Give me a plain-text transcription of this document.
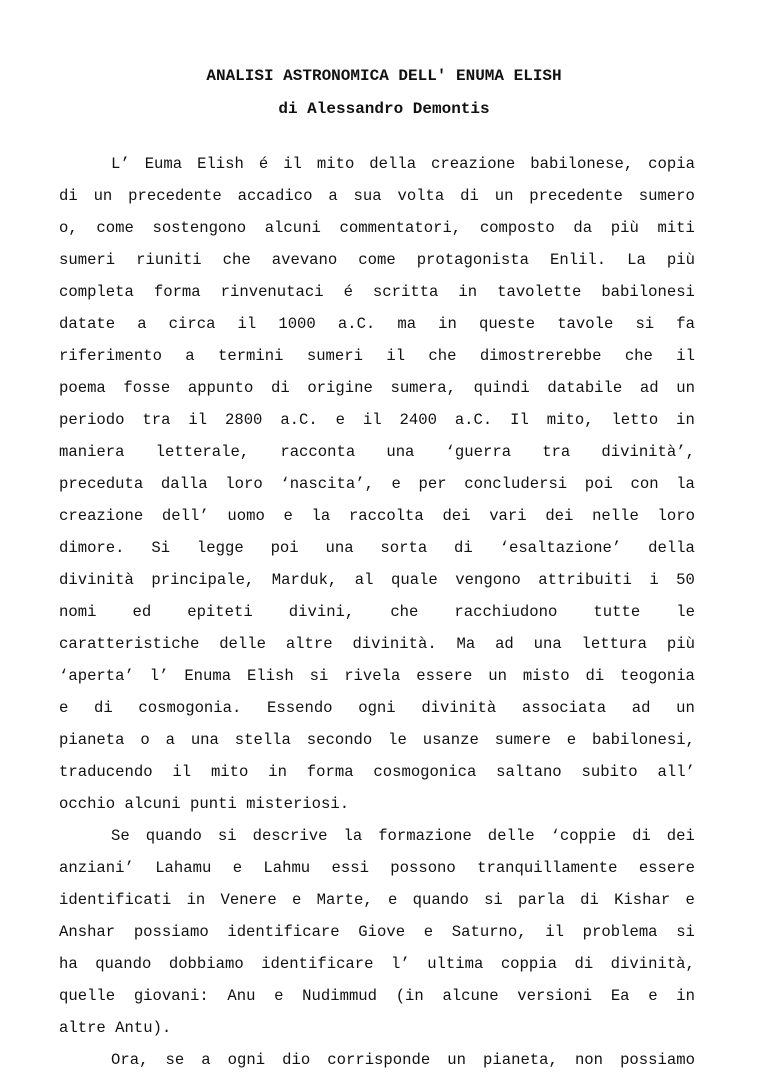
ANALISI ASTRONOMICA DELL' ENUMA ELISH
di Alessandro Demontis
L’ Euma Elish é il mito della creazione babilonese, copia
di un precedente accadico a sua volta di un precedente sumero
o, come sostengono alcuni commentatori, composto da più miti
sumeri riuniti che avevano come protagonista Enlil. La più
completa forma rinvenutaci é scritta in tavolette babilonesi
datate a circa il 1000 a.C. ma in queste tavole si fa
riferimento a termini sumeri il che dimostrerebbe che il
poema fosse appunto di origine sumera, quindi databile ad un
periodo tra il 2800 a.C. e il 2400 a.C. Il mito, letto in
maniera letterale, racconta una ‘guerra tra divinità’,
preceduta dalla loro ‘nascita’, e per concludersi poi con la
creazione dell’ uomo e la raccolta dei vari dei nelle loro
dimore. Si legge poi una sorta di ‘esaltazione’ della
divinità principale, Marduk, al quale vengono attribuiti i 50
nomi ed epiteti divini, che racchiudono tutte le
caratteristiche delle altre divinità. Ma ad una lettura più
‘aperta’ l’ Enuma Elish si rivela essere un misto di teogonia
e di cosmogonia. Essendo ogni divinità associata ad un
pianeta o a una stella secondo le usanze sumere e babilonesi,
traducendo il mito in forma cosmogonica saltano subito all’
occhio alcuni punti misteriosi.
Se quando si descrive la formazione delle ‘coppie di dei
anziani’ Lahamu e Lahmu essi possono tranquillamente essere
identificati in Venere e Marte, e quando si parla di Kishar e
Anshar possiamo identificare Giove e Saturno, il problema si
ha quando dobbiamo identificare l’ ultima coppia di divinità,
quelle giovani: Anu e Nudimmud (in alcune versioni Ea e in
altre Antu).
Ora, se a ogni dio corrisponde un pianeta, non possiamo
